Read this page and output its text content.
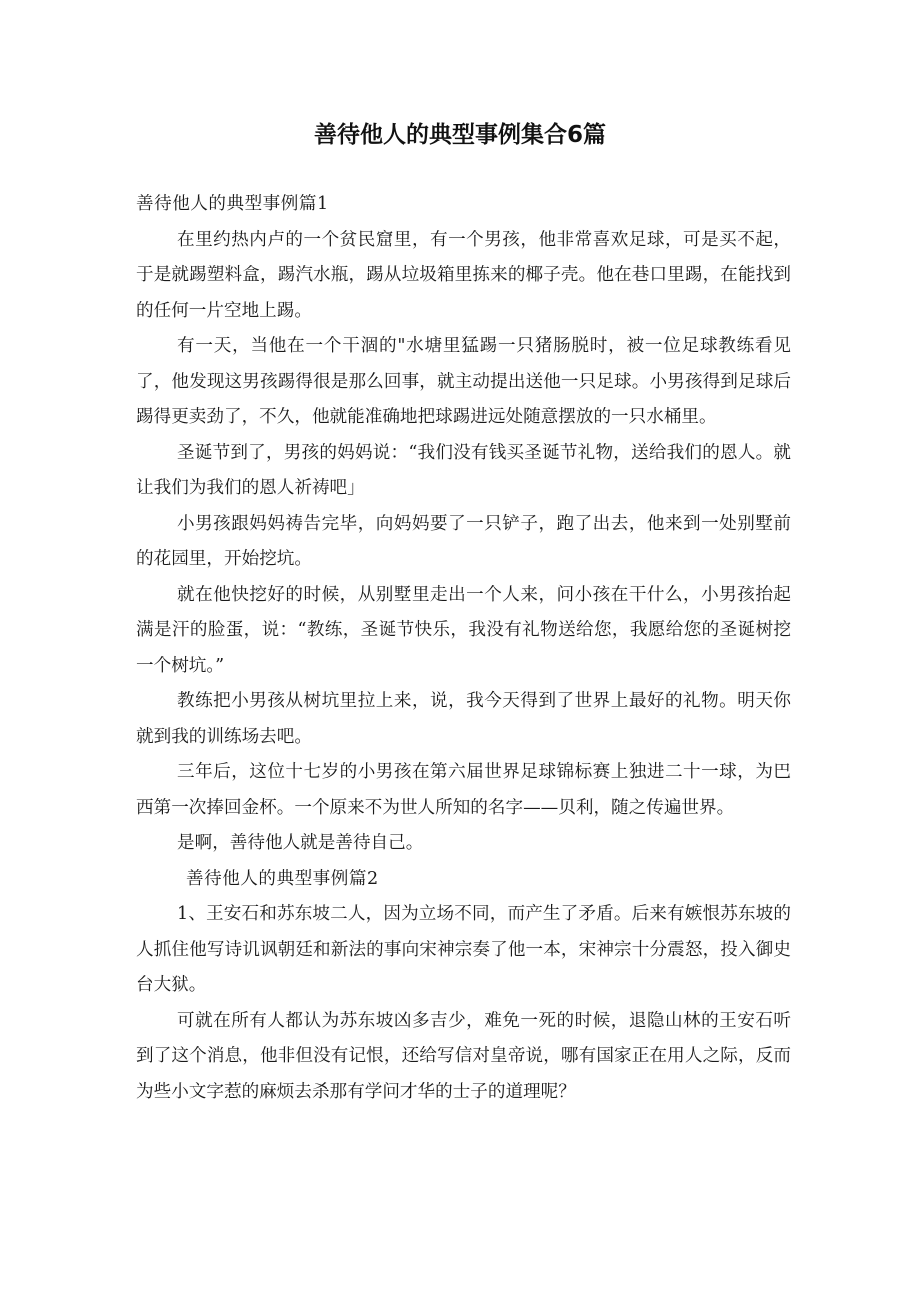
善待他人的典型事例集合6篇

善待他人的典型事例篇1

在里约热内卢的一个贫民窟里，有一个男孩，他非常喜欢足球，可是买不起，于是就踢塑料盒，踢汽水瓶，踢从垃圾箱里拣来的椰子壳。他在巷口里踢，在能找到的任何一片空地上踢。

有一天，当他在一个干涸的"水塘里猛踢一只猪肠脱时，被一位足球教练看见了，他发现这男孩踢得很是那么回事，就主动提出送他一只足球。小男孩得到足球后踢得更卖劲了，不久，他就能准确地把球踢进远处随意摆放的一只水桶里。

圣诞节到了，男孩的妈妈说：“我们没有钱买圣诞节礼物，送给我们的恩人。就让我们为我们的恩人祈祷吧」

小男孩跟妈妈祷告完毕，向妈妈要了一只铲子，跑了出去，他来到一处别墅前的花园里，开始挖坑。

就在他快挖好的时候，从别墅里走出一个人来，问小孩在干什么，小男孩抬起满是汗的脸蛋，说：“教练，圣诞节快乐，我没有礼物送给您，我愿给您的圣诞树挖一个树坑。”

教练把小男孩从树坑里拉上来，说，我今天得到了世界上最好的礼物。明天你就到我的训练场去吧。

三年后，这位十七岁的小男孩在第六届世界足球锦标赛上独进二十一球，为巴西第一次捧回金杯。一个原来不为世人所知的名字——贝利，随之传遍世界。

是啊，善待他人就是善待自己。

善待他人的典型事例篇2

1、王安石和苏东坡二人，因为立场不同，而产生了矛盾。后来有嫉恨苏东坡的人抓住他写诗讥讽朝廷和新法的事向宋神宗奏了他一本，宋神宗十分震怒，投入御史台大狱。

可就在所有人都认为苏东坡凶多吉少，难免一死的时候，退隐山林的王安石听到了这个消息，他非但没有记恨，还给写信对皇帝说，哪有国家正在用人之际，反而为些小文字惹的麻烦去杀那有学问才华的士子的道理呢？
